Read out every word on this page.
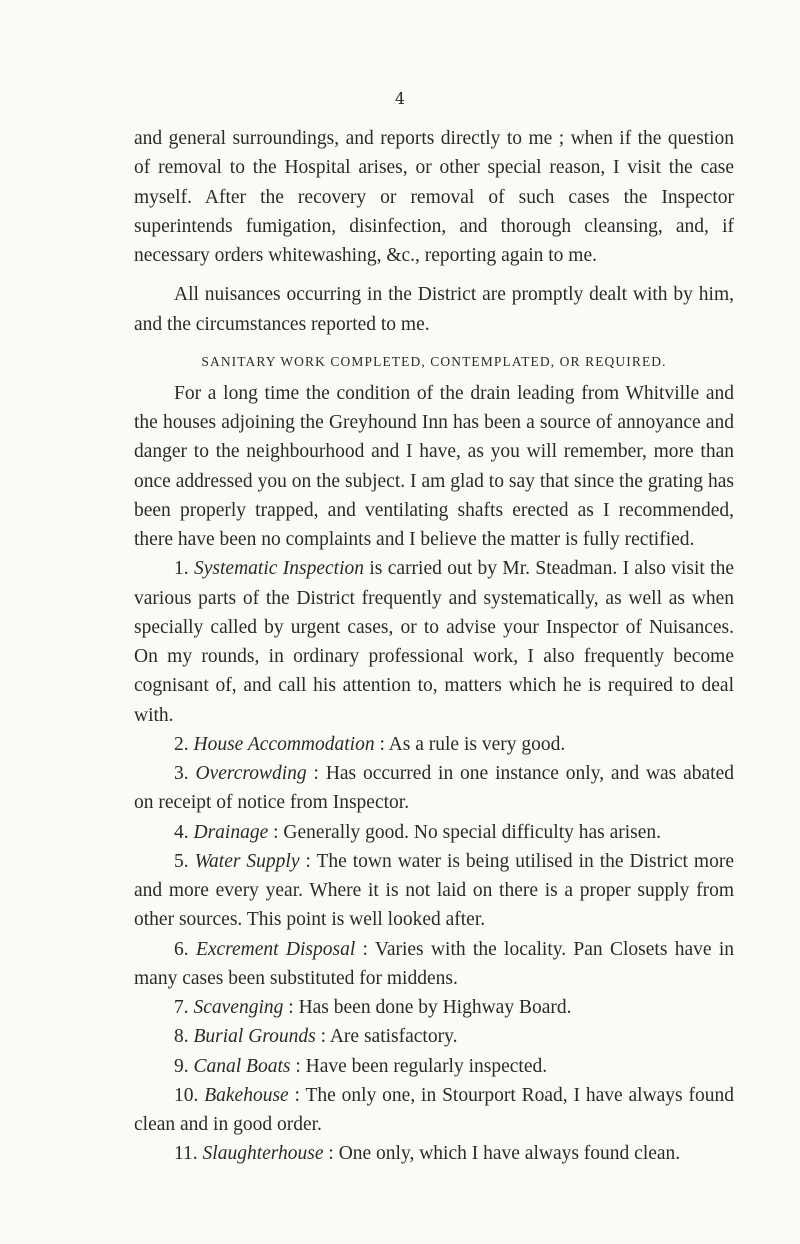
4

and general surroundings, and reports directly to me ; when if the question of removal to the Hospital arises, or other special reason, I visit the case myself. After the recovery or removal of such cases the Inspector superintends fumigation, disinfection, and thorough cleansing, and, if necessary orders whitewashing, &c., reporting again to me.

All nuisances occurring in the District are promptly dealt with by him, and the circumstances reported to me.

SANITARY WORK COMPLETED, CONTEMPLATED, OR REQUIRED.

For a long time the condition of the drain leading from Whitville and the houses adjoining the Greyhound Inn has been a source of annoyance and danger to the neighbourhood and I have, as you will remember, more than once addressed you on the subject. I am glad to say that since the grating has been properly trapped, and ventilating shafts erected as I recommended, there have been no complaints and I believe the matter is fully rectified.

1. Systematic Inspection is carried out by Mr. Steadman. I also visit the various parts of the District frequently and systematically, as well as when specially called by urgent cases, or to advise your Inspector of Nuisances. On my rounds, in ordinary professional work, I also frequently become cognisant of, and call his attention to, matters which he is required to deal with.

2. House Accommodation : As a rule is very good.

3. Overcrowding : Has occurred in one instance only, and was abated on receipt of notice from Inspector.

4. Drainage : Generally good. No special difficulty has arisen.

5. Water Supply : The town water is being utilised in the District more and more every year. Where it is not laid on there is a proper supply from other sources. This point is well looked after.

6. Excrement Disposal : Varies with the locality. Pan Closets have in many cases been substituted for middens.

7. Scavenging : Has been done by Highway Board.

8. Burial Grounds : Are satisfactory.

9. Canal Boats : Have been regularly inspected.

10. Bakehouse : The only one, in Stourport Road, I have always found clean and in good order.

11. Slaughterhouse : One only, which I have always found clean.
